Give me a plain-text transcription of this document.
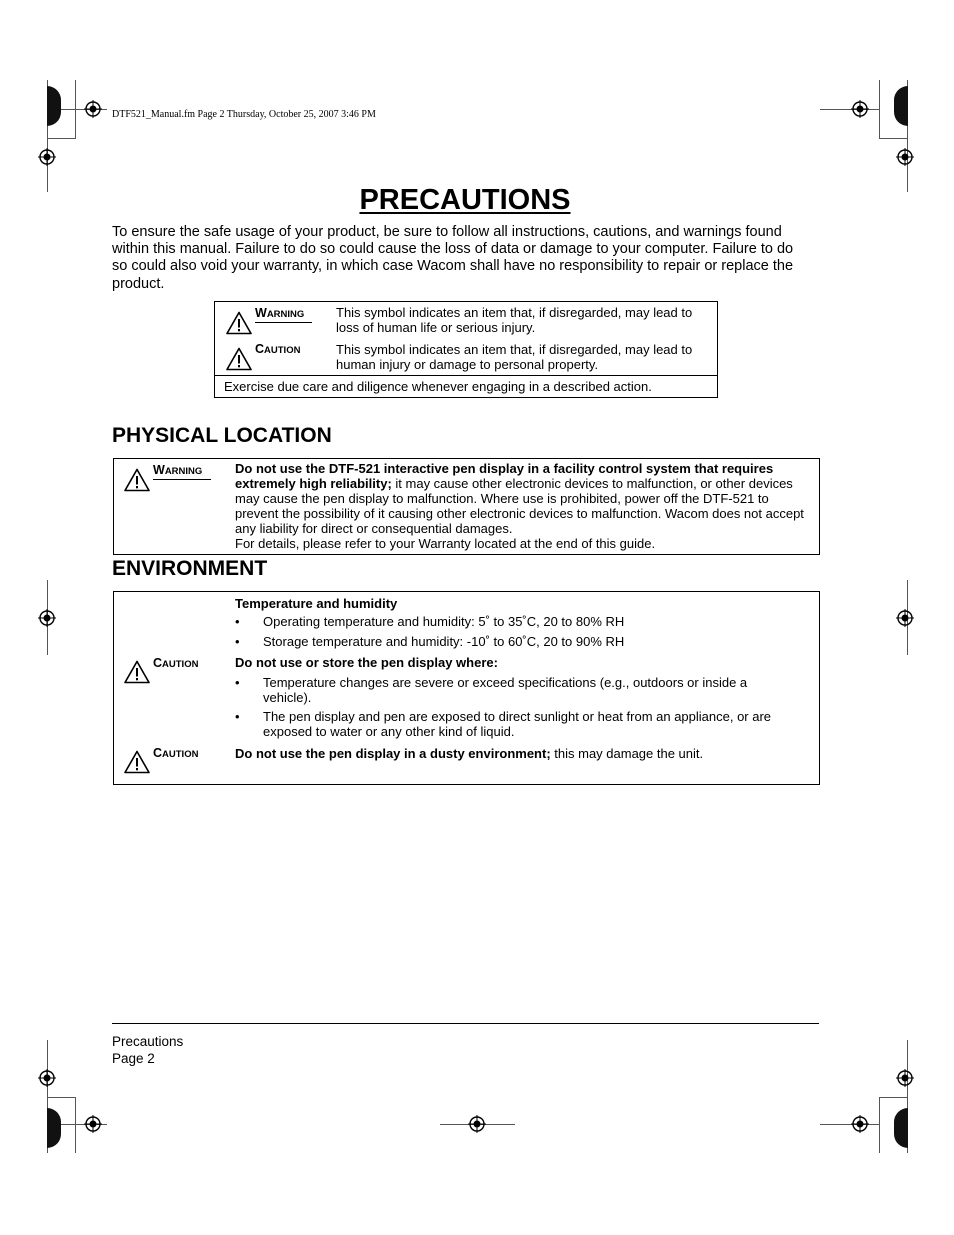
DTF521_Manual.fm Page 2 Thursday, October 25, 2007 3:46 PM
PRECAUTIONS
To ensure the safe usage of your product, be sure to follow all instructions, cautions, and warnings found within this manual. Failure to do so could cause the loss of data or damage to your computer. Failure to do so could also void your warranty, in which case Wacom shall have no responsibility to repair or replace the product.
WARNING This symbol indicates an item that, if disregarded, may lead to loss of human life or serious injury.
CAUTION	This symbol indicates an item that, if disregarded, may lead to human injury or damage to personal property.
Exercise due care and diligence whenever engaging in a described action.
PHYSICAL LOCATION
WARNING	Do not use the DTF-521 interactive pen display in a facility control system that requires extremely high reliability; it may cause other electronic devices to malfunction, or other devices may cause the pen display to malfunction. Where use is prohibited, power off the DTF-521 to prevent the possibility of it causing other electronic devices to malfunction. Wacom does not accept any liability for direct or consequential damages.
For details, please refer to your Warranty located at the end of this guide.
ENVIRONMENT
Temperature and humidity
• Operating temperature and humidity: 5˚ to 35˚C, 20 to 80% RH
• Storage temperature and humidity: -10˚ to 60˚C, 20 to 90% RH
CAUTION	Do not use or store the pen display where:
• Temperature changes are severe or exceed specifications (e.g., outdoors or inside a vehicle).
• The pen display and pen are exposed to direct sunlight or heat from an appliance, or are exposed to water or any other kind of liquid.
CAUTION	Do not use the pen display in a dusty environment; this may damage the unit.
Precautions
Page 2
